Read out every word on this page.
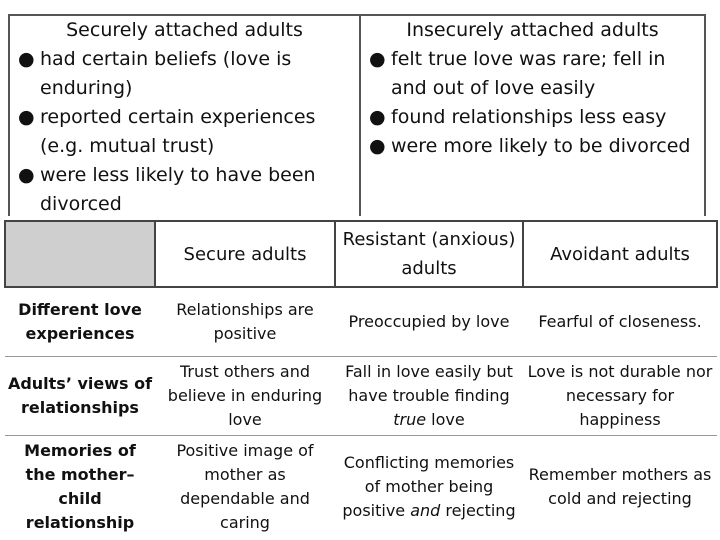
Securely attached adults
● had certain beliefs (love is enduring)
● reported certain experiences (e.g. mutual trust)
● were less likely to have been divorced
Insecurely attached adults
● felt true love was rare; fell in and out of love easily
● found relationships less easy
● were more likely to be divorced
	Secure adults	Resistant (anxious) adults	Avoidant adults
Different love experiences	Relationships are positive	Preoccupied by love	Fearful of closeness.
Adults’ views of relationships	Trust others and believe in enduring love	Fall in love easily but have trouble finding true love	Love is not durable nor necessary for happiness
Memories of the mother–child relationship	Positive image of mother as dependable and caring	Conflicting memories of mother being positive and rejecting	Remember mothers as cold and rejecting
